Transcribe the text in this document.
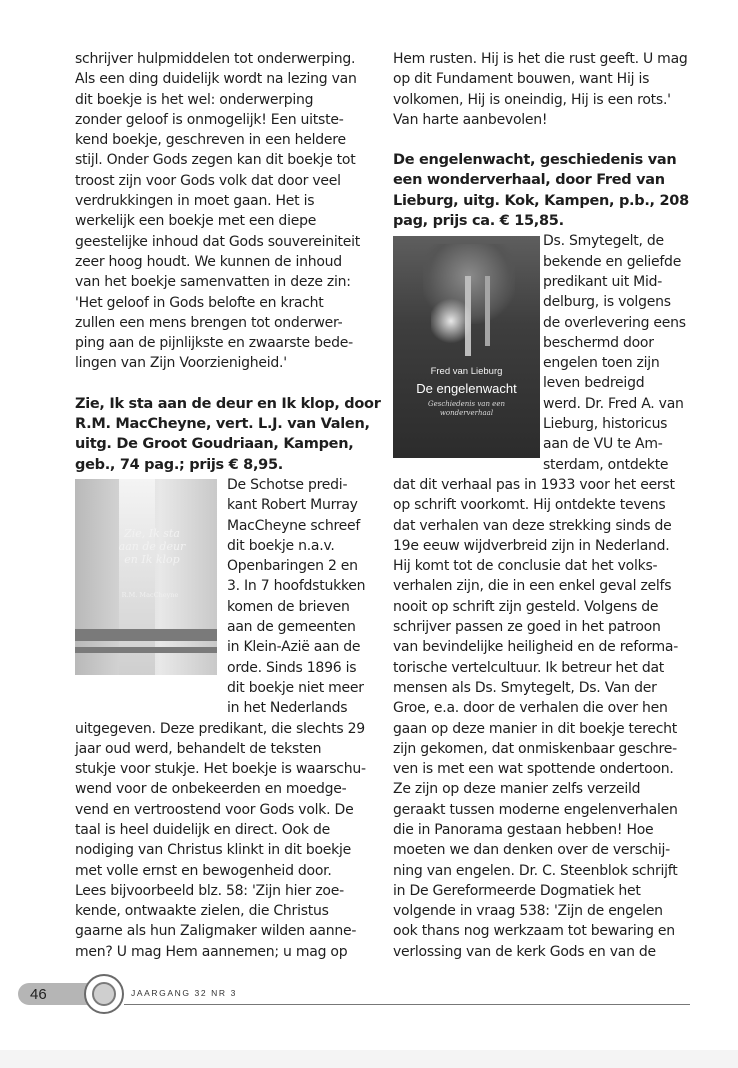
schrijver hulpmiddelen tot onderwerping.
Als een ding duidelijk wordt na lezing van
dit boekje is het wel: onderwerping
zonder geloof is onmogelijk! Een uitste-
kend boekje, geschreven in een heldere
stijl. Onder Gods zegen kan dit boekje tot
troost zijn voor Gods volk dat door veel
verdrukkingen in moet gaan. Het is
werkelijk een boekje met een diepe
geestelijke inhoud dat Gods souvereiniteit
zeer hoog houdt. We kunnen de inhoud
van het boekje samenvatten in deze zin:
'Het geloof in Gods belofte en kracht
zullen een mens brengen tot onderwer-
ping aan de pijnlijkste en zwaarste bede-
lingen van Zijn Voorzienigheid.'
Zie, Ik sta aan de deur en Ik klop, door
R.M. MacCheyne, vert. L.J. van Valen,
uitg. De Groot Goudriaan, Kampen,
geb., 74 pag.; prijs € 8,95.
Zie, Ik sta
aan de deur
en Ik klop
R.M. MacCheyne
De Schotse predi-
kant Robert Murray
MacCheyne schreef
dit boekje n.a.v.
Openbaringen 2 en
3. In 7 hoofdstukken
komen de brieven
aan de gemeenten
in Klein-Azië aan de
orde. Sinds 1896 is
dit boekje niet meer
in het Nederlands
uitgegeven. Deze predikant, die slechts 29
jaar oud werd, behandelt de teksten
stukje voor stukje. Het boekje is waarschu-
wend voor de onbekeerden en moedge-
vend en vertroostend voor Gods volk. De
taal is heel duidelijk en direct. Ook de
nodiging van Christus klinkt in dit boekje
met volle ernst en bewogenheid door.
Lees bijvoorbeeld blz. 58: 'Zijn hier zoe-
kende, ontwaakte zielen, die Christus
gaarne als hun Zaligmaker wilden aanne-
men? U mag Hem aannemen; u mag op
Hem rusten. Hij is het die rust geeft. U mag
op dit Fundament bouwen, want Hij is
volkomen, Hij is oneindig, Hij is een rots.'
Van harte aanbevolen!
De engelenwacht, geschiedenis van
een wonderverhaal, door Fred van
Lieburg, uitg. Kok, Kampen, p.b., 208
pag, prijs ca. € 15,85.
Fred van Lieburg
De engelenwacht
Geschiedenis van een
wonderverhaal
Ds. Smytegelt, de
bekende en geliefde
predikant uit Mid-
delburg, is volgens
de overlevering eens
beschermd door
engelen toen zijn
leven bedreigd
werd. Dr. Fred A. van
Lieburg, historicus
aan de VU te Am-
sterdam, ontdekte
dat dit verhaal pas in 1933 voor het eerst
op schrift voorkomt. Hij ontdekte tevens
dat verhalen van deze strekking sinds de
19e eeuw wijdverbreid zijn in Nederland.
Hij komt tot de conclusie dat het volks-
verhalen zijn, die in een enkel geval zelfs
nooit op schrift zijn gesteld. Volgens de
schrijver passen ze goed in het patroon
van bevindelijke heiligheid en de reforma-
torische vertelcultuur. Ik betreur het dat
mensen als Ds. Smytegelt, Ds. Van der
Groe, e.a. door de verhalen die over hen
gaan op deze manier in dit boekje terecht
zijn gekomen, dat onmiskenbaar geschre-
ven is met een wat spottende ondertoon.
Ze zijn op deze manier zelfs verzeild
geraakt tussen moderne engelenverhalen
die in Panorama gestaan hebben! Hoe
moeten we dan denken over de verschij-
ning van engelen. Dr. C. Steenblok schrijft
in De Gereformeerde Dogmatiek het
volgende in vraag 538: 'Zijn de engelen
ook thans nog werkzaam tot bewaring en
verlossing van de kerk Gods en van de
46	JAARGANG 32 NR 3
